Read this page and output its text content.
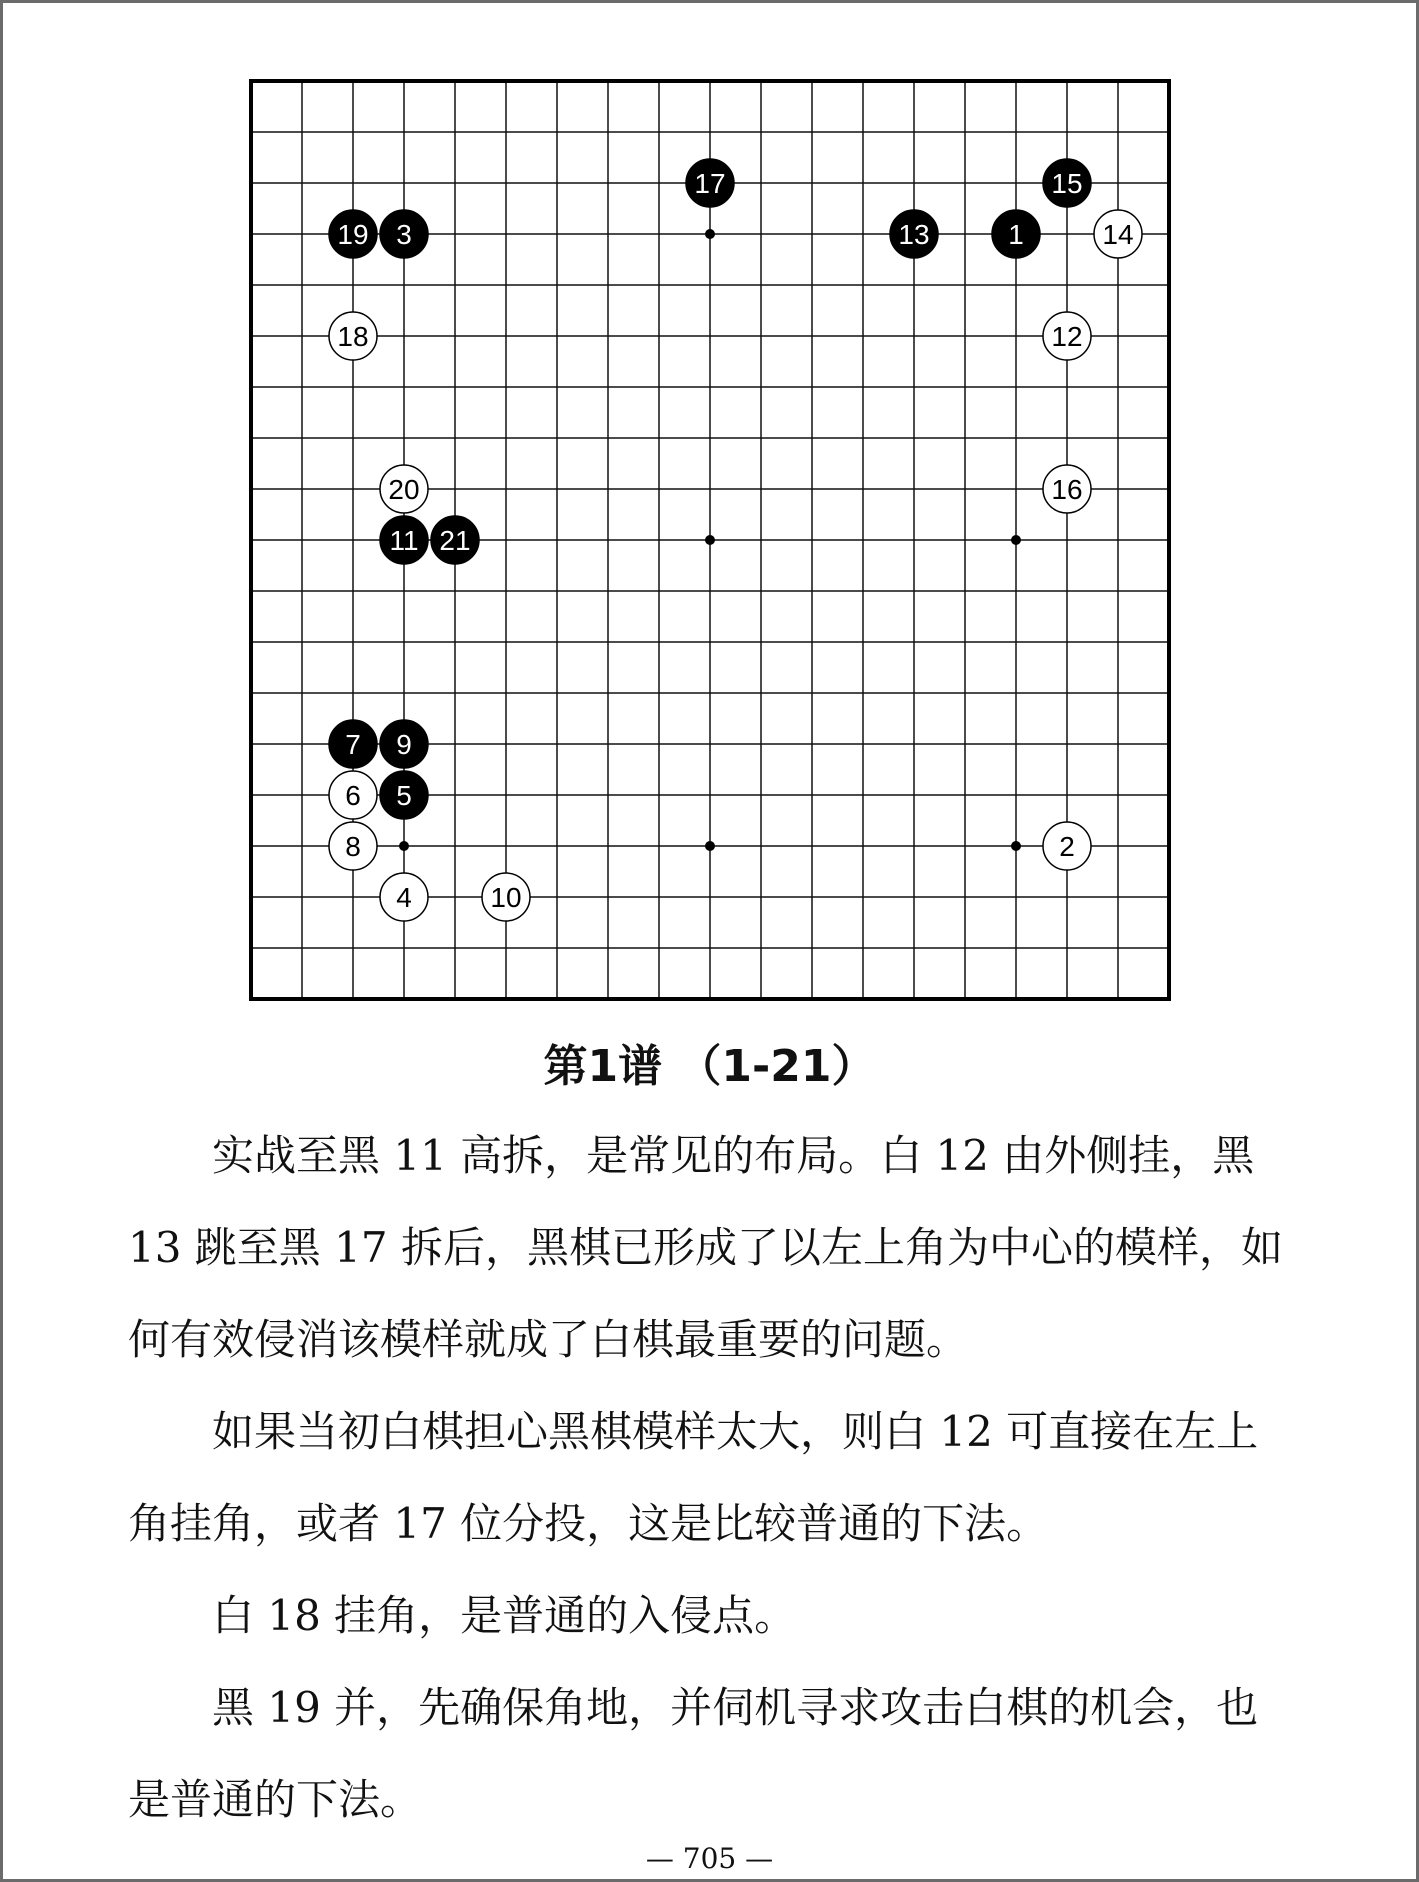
1
2
3
4
5
6
7
8
9
10
11
12
13	14
15
16
17
18
19
20
21
第1谱 （1-21）

实战至黑 11 高拆，是常见的布局。白 12 由外侧挂，黑 13 跳至黑 17 拆后，黑棋已形成了以左上角为中心的模样，如何有效侵消该模样就成了白棋最重要的问题。

如果当初白棋担心黑棋模样太大，则白 12 可直接在左上角挂角，或者 17 位分投，这是比较普通的下法。

白 18 挂角，是普通的入侵点。

黑 19 并，先确保角地，并伺机寻求攻击白棋的机会，也是普通的下法。

— 705 —
